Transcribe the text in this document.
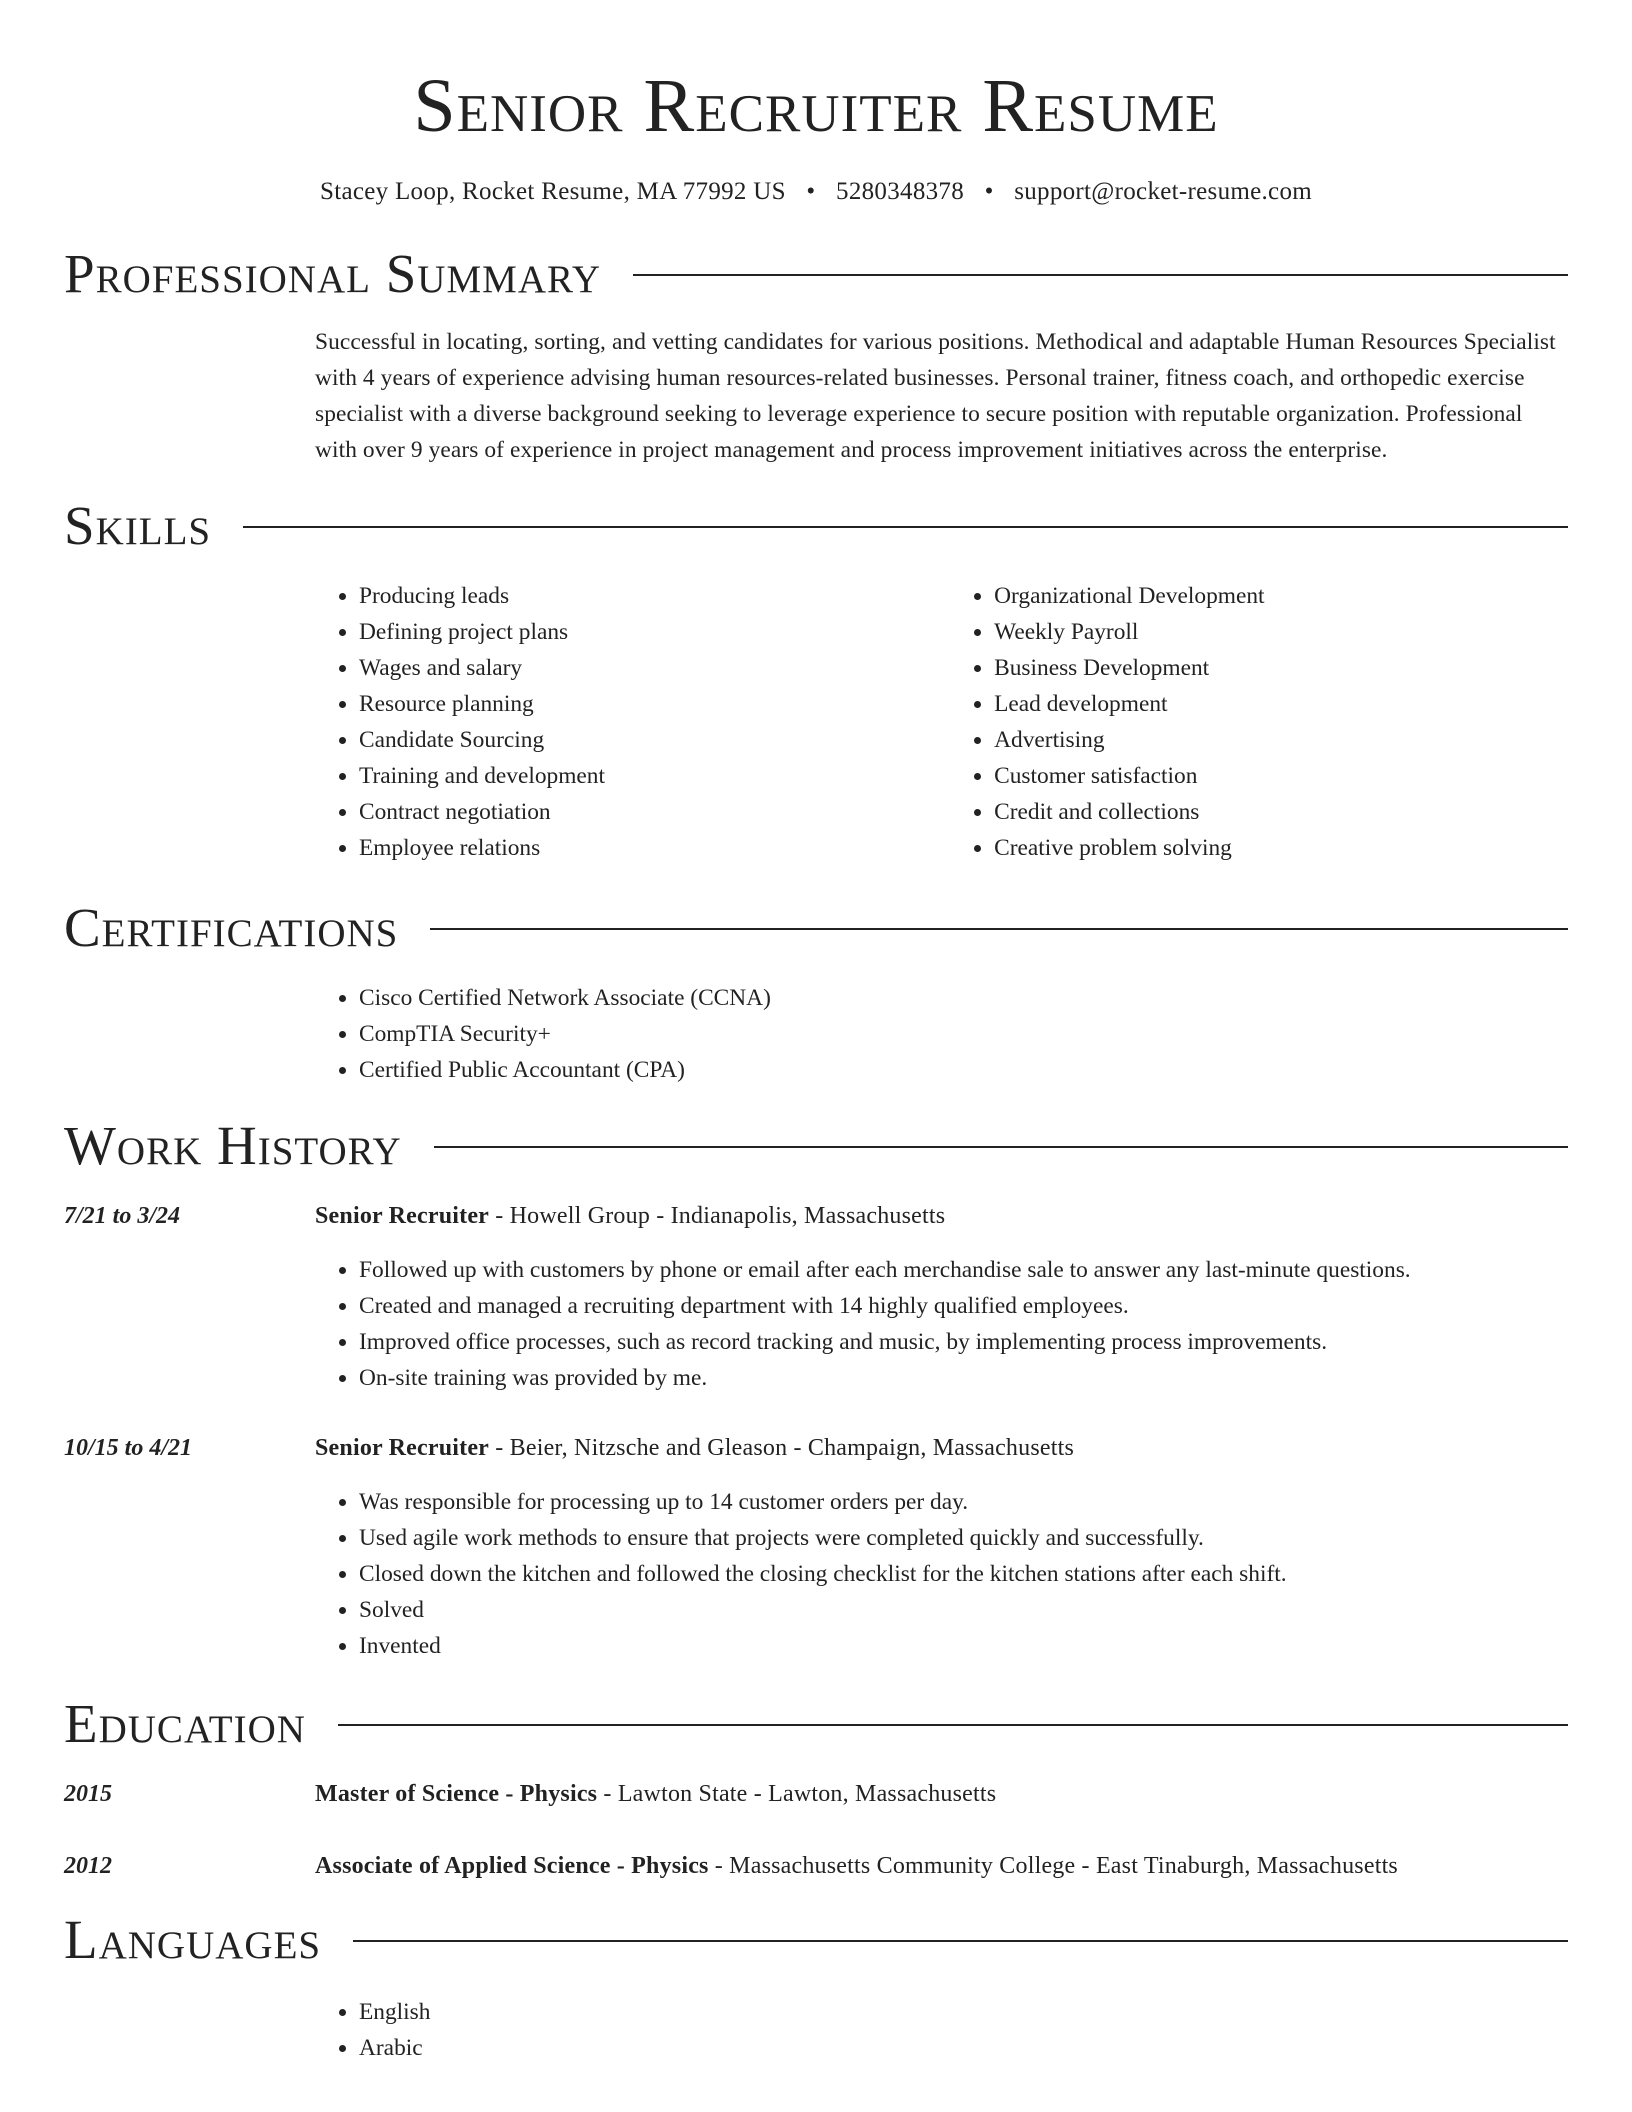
Senior Recruiter Resume
Stacey Loop, Rocket Resume, MA 77992 US • 5280348378 • support@rocket-resume.com
Professional Summary
Successful in locating, sorting, and vetting candidates for various positions. Methodical and adaptable Human Resources Specialist with 4 years of experience advising human resources-related businesses. Personal trainer, fitness coach, and orthopedic exercise specialist with a diverse background seeking to leverage experience to secure position with reputable organization. Professional with over 9 years of experience in project management and process improvement initiatives across the enterprise.
Skills
• Producing leads
• Defining project plans
• Wages and salary
• Resource planning
• Candidate Sourcing
• Training and development
• Contract negotiation
• Employee relations
• Organizational Development
• Weekly Payroll
• Business Development
• Lead development
• Advertising
• Customer satisfaction
• Credit and collections
• Creative problem solving
Certifications
• Cisco Certified Network Associate (CCNA)
• CompTIA Security+
• Certified Public Accountant (CPA)
Work History
7/21 to 3/24	Senior Recruiter - Howell Group - Indianapolis, Massachusetts
• Followed up with customers by phone or email after each merchandise sale to answer any last-minute questions.
• Created and managed a recruiting department with 14 highly qualified employees.
• Improved office processes, such as record tracking and music, by implementing process improvements.
• On-site training was provided by me.
10/15 to 4/21	Senior Recruiter - Beier, Nitzsche and Gleason - Champaign, Massachusetts
• Was responsible for processing up to 14 customer orders per day.
• Used agile work methods to ensure that projects were completed quickly and successfully.
• Closed down the kitchen and followed the closing checklist for the kitchen stations after each shift.
• Solved
• Invented
Education
2015	Master of Science - Physics - Lawton State - Lawton, Massachusetts
2012	Associate of Applied Science - Physics - Massachusetts Community College - East Tinaburgh, Massachusetts
Languages
• English
• Arabic
